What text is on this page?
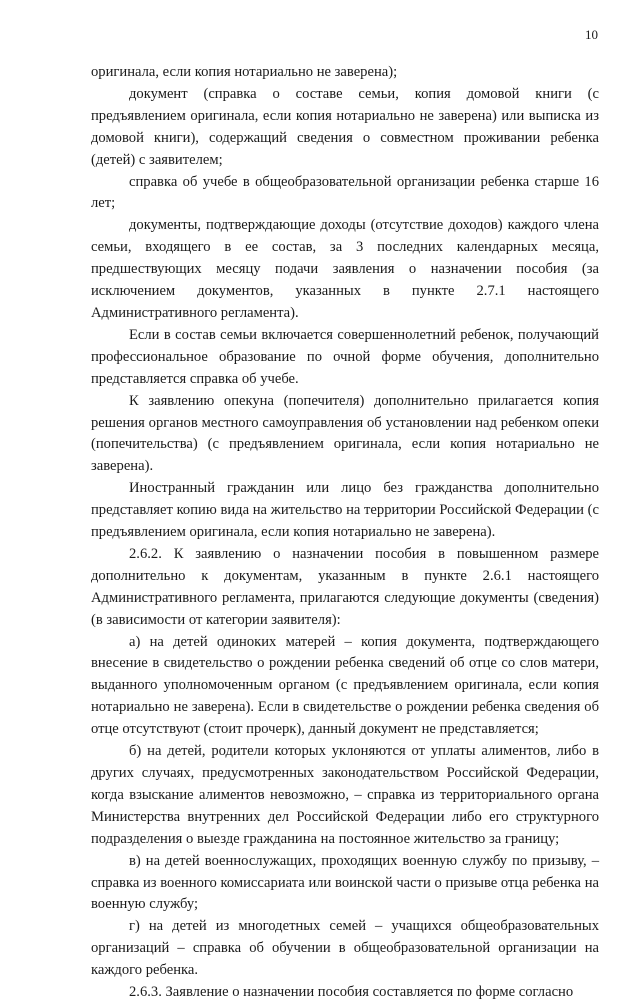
10

оригинала, если копия нотариально не заверена);

документ (справка о составе семьи, копия домовой книги (с предъявлением оригинала, если копия нотариально не заверена) или выписка из домовой книги), содержащий сведения о совместном проживании ребенка (детей) с заявителем;

справка об учебе в общеобразовательной организации ребенка старше 16 лет;

документы, подтверждающие доходы (отсутствие доходов) каждого члена семьи, входящего в ее состав, за 3 последних календарных месяца, предшествующих месяцу подачи заявления о назначении пособия (за исключением документов, указанных в пункте 2.7.1 настоящего Административного регламента).

Если в состав семьи включается совершеннолетний ребенок, получающий профессиональное образование по очной форме обучения, дополнительно представляется справка об учебе.

К заявлению опекуна (попечителя) дополнительно прилагается копия решения органов местного самоуправления об установлении над ребенком опеки (попечительства) (с предъявлением оригинала, если копия нотариально не заверена).

Иностранный гражданин или лицо без гражданства дополнительно представляет копию вида на жительство на территории Российской Федерации (с предъявлением оригинала, если копия нотариально не заверена).

2.6.2. К заявлению о назначении пособия в повышенном размере дополнительно к документам, указанным в пункте 2.6.1 настоящего Административного регламента, прилагаются следующие документы (сведения) (в зависимости от категории заявителя):

а) на детей одиноких матерей – копия документа, подтверждающего внесение в свидетельство о рождении ребенка сведений об отце со слов матери, выданного уполномоченным органом (с предъявлением оригинала, если копия нотариально не заверена). Если в свидетельстве о рождении ребенка сведения об отце отсутствуют (стоит прочерк), данный документ не представляется;

б) на детей, родители которых уклоняются от уплаты алиментов, либо в других случаях, предусмотренных законодательством Российской Федерации, когда взыскание алиментов невозможно, – справка из территориального органа Министерства внутренних дел Российской Федерации либо его структурного подразделения о выезде гражданина на постоянное жительство за границу;

в) на детей военнослужащих, проходящих военную службу по призыву, – справка из военного комиссариата или воинской части о призыве отца ребенка на военную службу;

г) на детей из многодетных семей – учащихся общеобразовательных организаций – справка об обучении в общеобразовательной организации на каждого ребенка.

2.6.3. Заявление о назначении пособия составляется по форме согласно
